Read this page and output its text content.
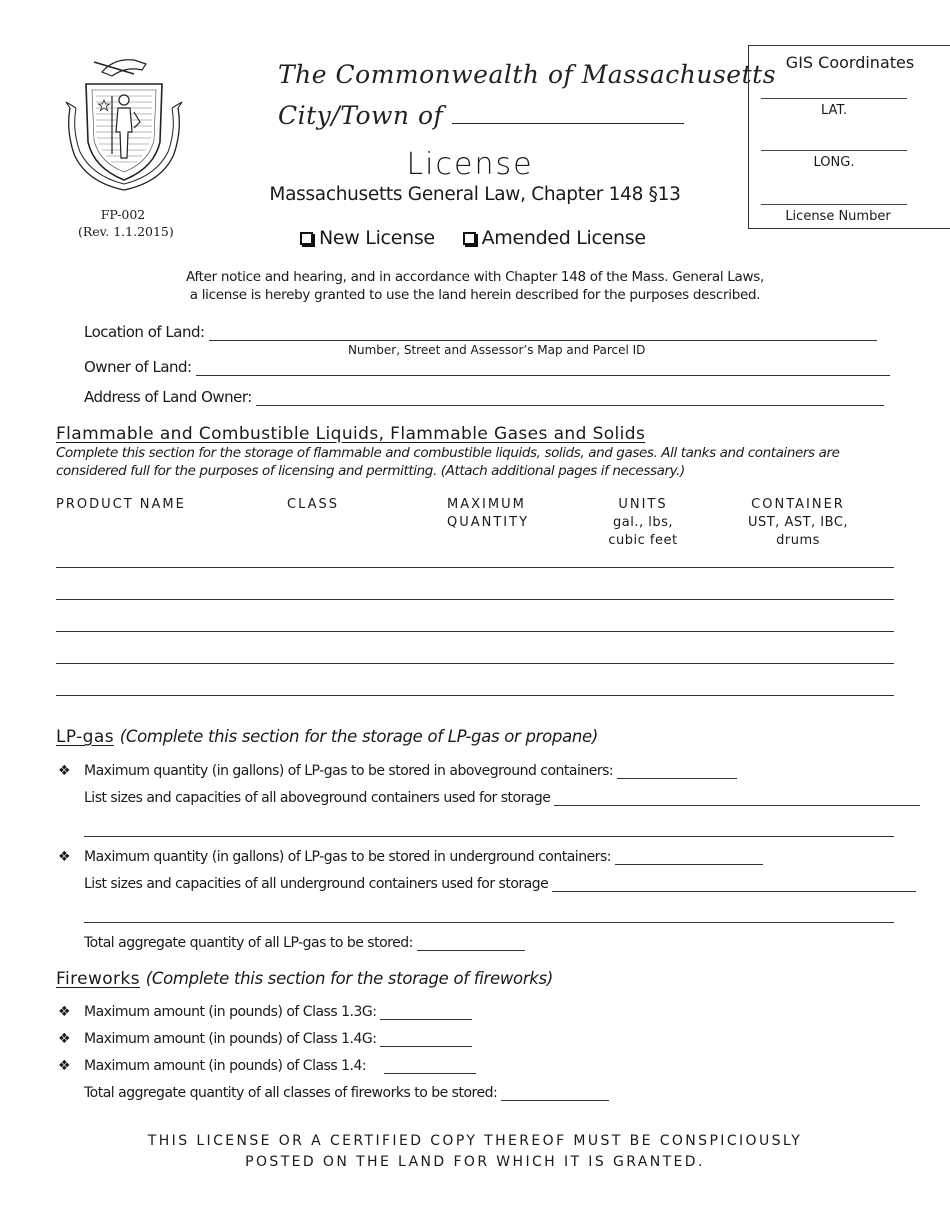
FP-002
(Rev. 1.1.2015)
The Commonwealth of Massachusetts
City/Town of
License
Massachusetts General Law, Chapter 148 §13
New License Amended License
GIS Coordinates
LAT.
LONG.
License Number
After notice and hearing, and in accordance with Chapter 148 of the Mass. General Laws,
a license is hereby granted to use the land herein described for the purposes described.
Location of Land:
Number, Street and Assessor’s Map and Parcel ID
Owner of Land:
Address of Land Owner:
Flammable and Combustible Liquids, Flammable Gases and Solids
Complete this section for the storage of flammable and combustible liquids, solids, and gases. All tanks and containers are considered full for the purposes of licensing and permitting. (Attach additional pages if necessary.)
PRODUCT NAME	CLASS	MAXIMUM
QUANTITY
UNITS
gal., lbs,
cubic feet
CONTAINER
UST, AST, IBC,
drums
LP-gas (Complete this section for the storage of LP-gas or propane)
❖ Maximum quantity (in gallons) of LP-gas to be stored in aboveground containers:
List sizes and capacities of all aboveground containers used for storage
❖ Maximum quantity (in gallons) of LP-gas to be stored in underground containers:
List sizes and capacities of all underground containers used for storage
Total aggregate quantity of all LP-gas to be stored:
Fireworks (Complete this section for the storage of fireworks)
❖ Maximum amount (in pounds) of Class 1.3G:
❖ Maximum amount (in pounds) of Class 1.4G:
❖ Maximum amount (in pounds) of Class 1.4:
Total aggregate quantity of all classes of fireworks to be stored:
THIS LICENSE OR A CERTIFIED COPY THEREOF MUST BE CONSPICIOUSLY
POSTED ON THE LAND FOR WHICH IT IS GRANTED.
